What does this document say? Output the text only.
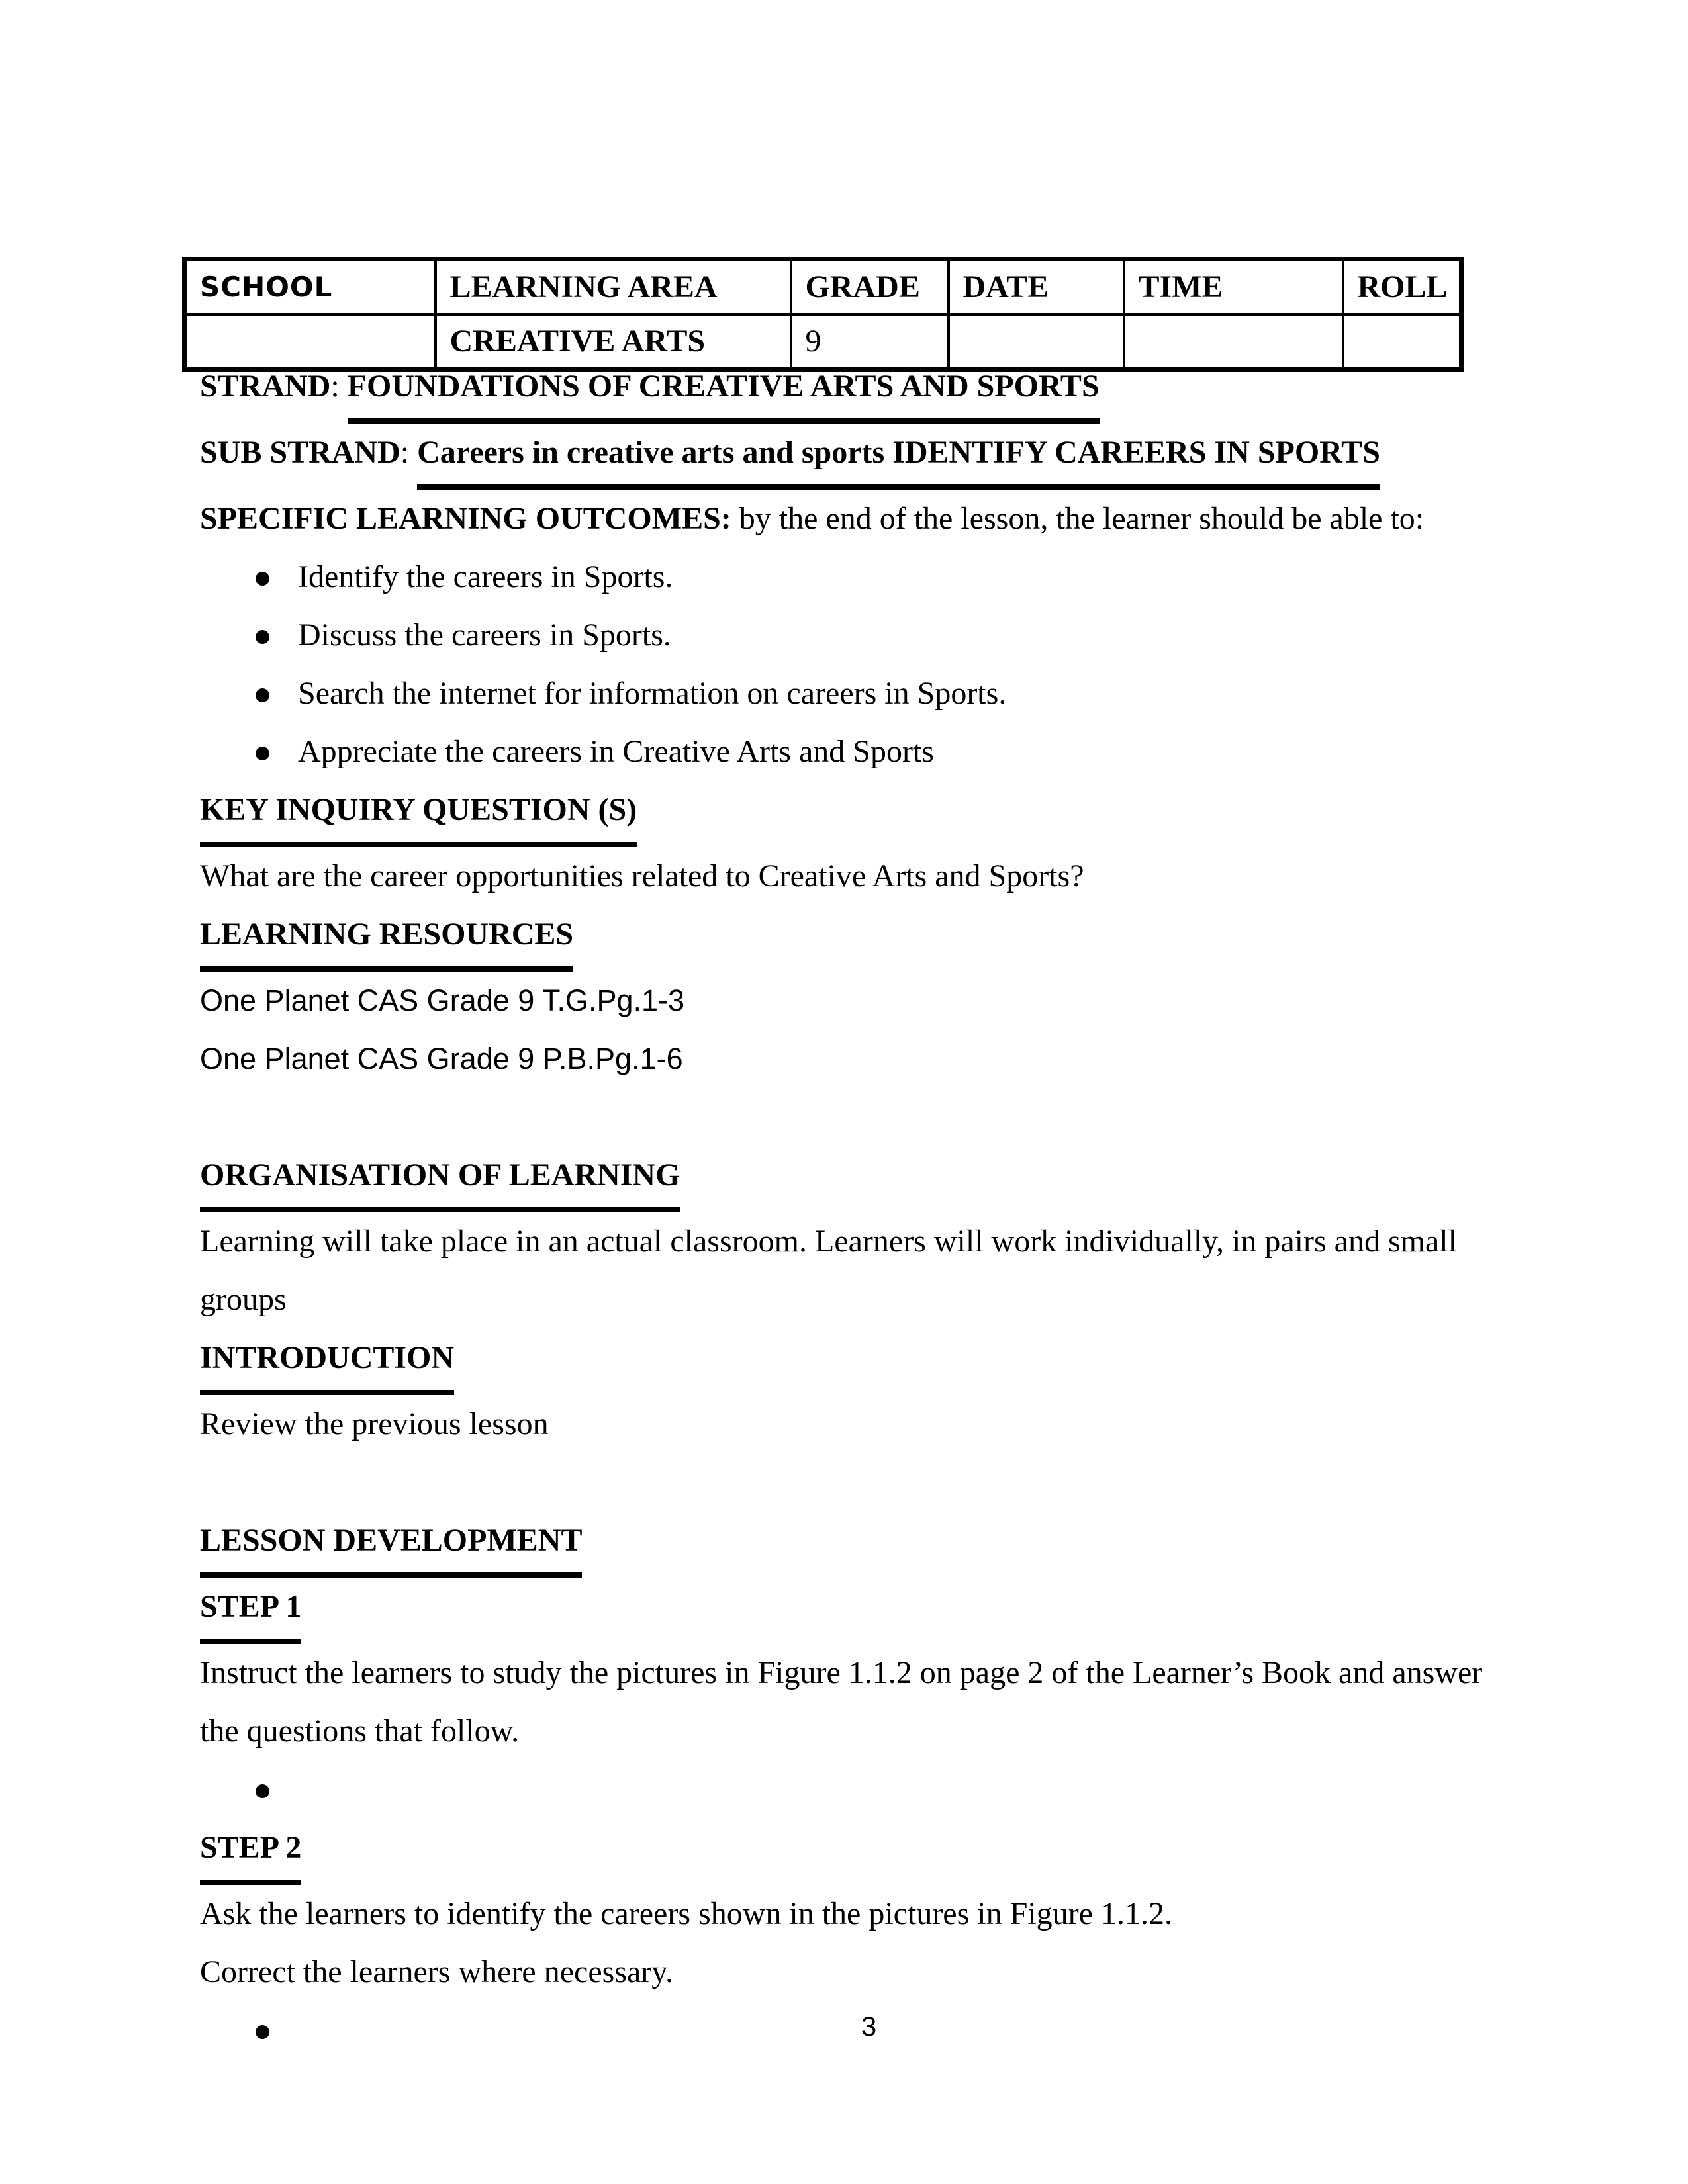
SCHOOL	LEARNING AREA	GRADE	DATE	TIME	ROLL
	CREATIVE ARTS	9			
STRAND: FOUNDATIONS OF CREATIVE ARTS AND SPORTS
SUB STRAND: Careers in creative arts and sports IDENTIFY CAREERS IN SPORTS
SPECIFIC LEARNING OUTCOMES: by the end of the lesson, the learner should be able to:
Identify the careers in Sports.
Discuss the careers in Sports.
Search the internet for information on careers in Sports.
Appreciate the careers in Creative Arts and Sports
KEY INQUIRY QUESTION (S)
What are the career opportunities related to Creative Arts and Sports?
LEARNING RESOURCES
One Planet CAS Grade 9 T.G.Pg.1-3
One Planet CAS Grade 9 P.B.Pg.1-6
ORGANISATION OF LEARNING
Learning will take place in an actual classroom. Learners will work individually, in pairs and small
groups
INTRODUCTION
Review the previous lesson
LESSON DEVELOPMENT
STEP 1
Instruct the learners to study the pictures in Figure 1.1.2 on page 2 of the Learner’s Book and answer
the questions that follow.
STEP 2
Ask the learners to identify the careers shown in the pictures in Figure 1.1.2.
Correct the learners where necessary.
3
